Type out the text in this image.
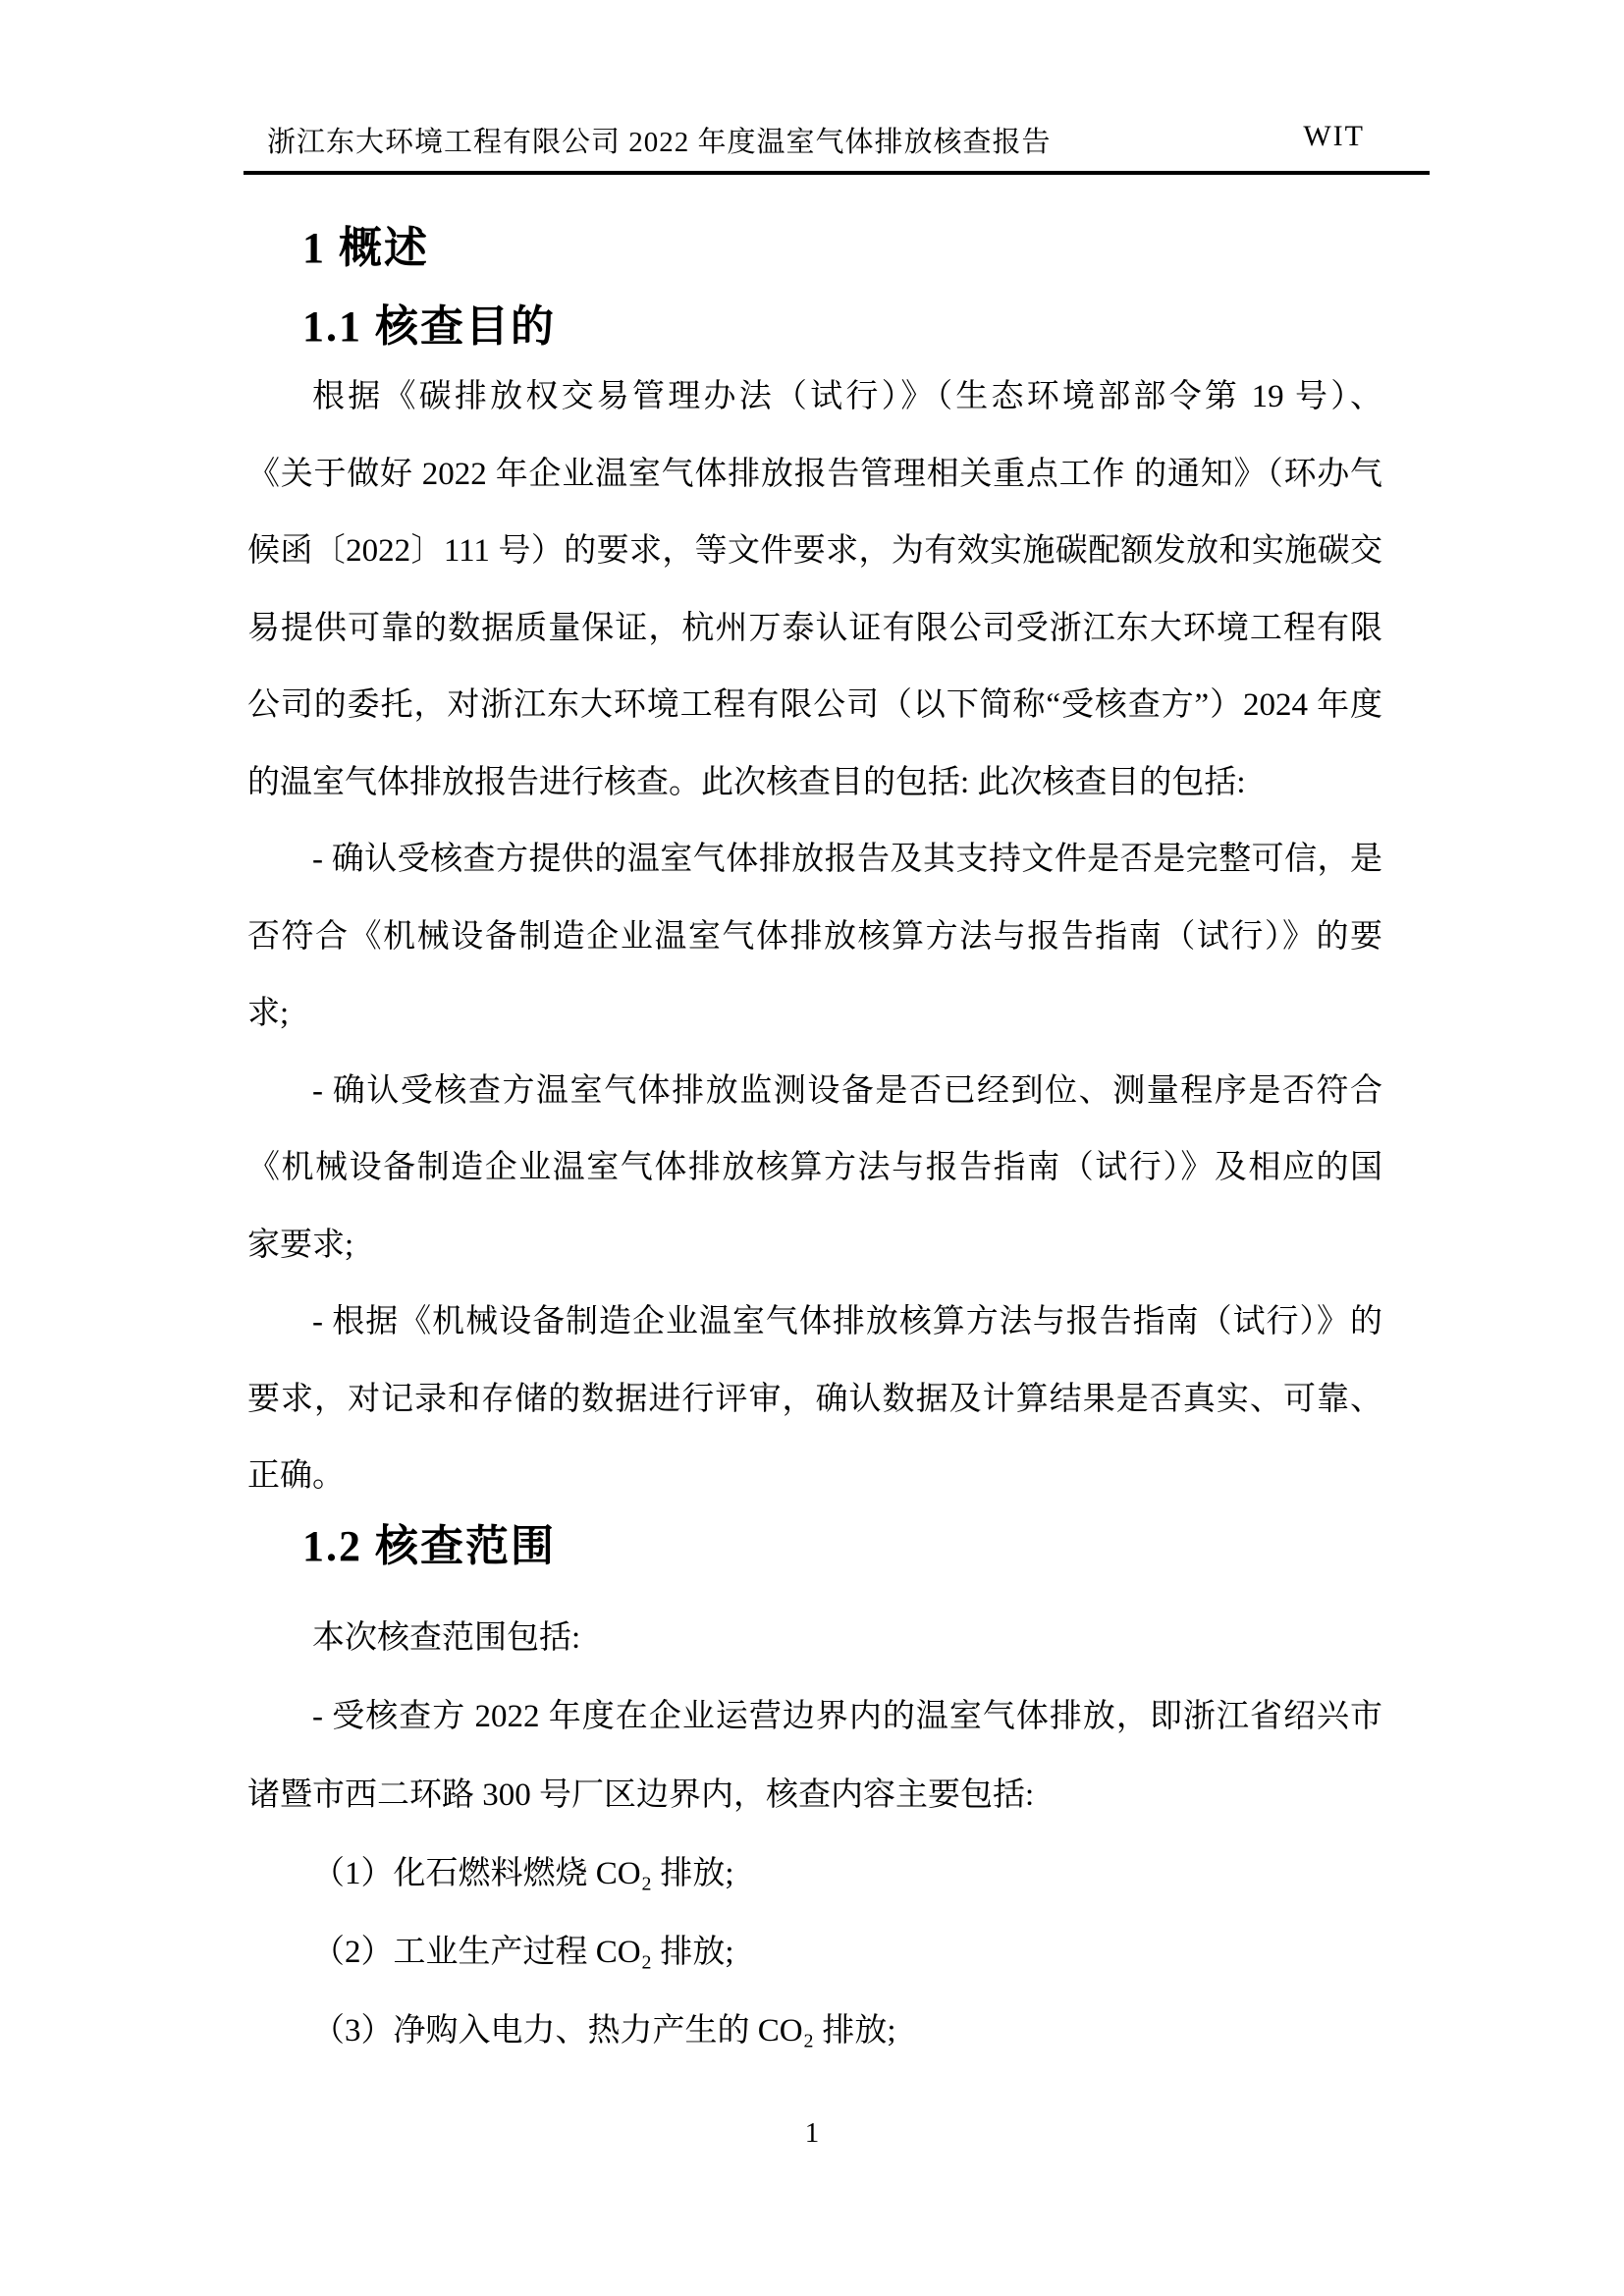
浙江东大环境工程有限公司 2022 年度温室气体排放核查报告	WIT
1 概述
1.1 核查目的
根据《碳排放权交易管理办法（试行）》（生态环境部部令第 19 号）、
《关于做好 2022 年企业温室气体排放报告管理相关重点工作 的通知》（环办气
候函〔2022〕111 号）的要求，等文件要求，为有效实施碳配额发放和实施碳交
易提供可靠的数据质量保证，杭州万泰认证有限公司受浙江东大环境工程有限
公司的委托，对浙江东大环境工程有限公司（以下简称“受核查方”）2024 年度
的温室气体排放报告进行核查。此次核查目的包括: 此次核查目的包括:
- 确认受核查方提供的温室气体排放报告及其支持文件是否是完整可信，是
否符合《机械设备制造企业温室气体排放核算方法与报告指南（试行）》的要
求;
- 确认受核查方温室气体排放监测设备是否已经到位、测量程序是否符合
《机械设备制造企业温室气体排放核算方法与报告指南（试行）》及相应的国
家要求;
- 根据《机械设备制造企业温室气体排放核算方法与报告指南（试行）》的
要求，对记录和存储的数据进行评审，确认数据及计算结果是否真实、可靠、
正确。
1.2 核查范围
本次核查范围包括:
- 受核查方 2022 年度在企业运营边界内的温室气体排放，即浙江省绍兴市
诸暨市西二环路 300 号厂区边界内，核查内容主要包括:
（1）化石燃料燃烧 CO₂ 排放;
（2）工业生产过程 CO₂ 排放;
（3）净购入电力、热力产生的 CO₂ 排放;
1
